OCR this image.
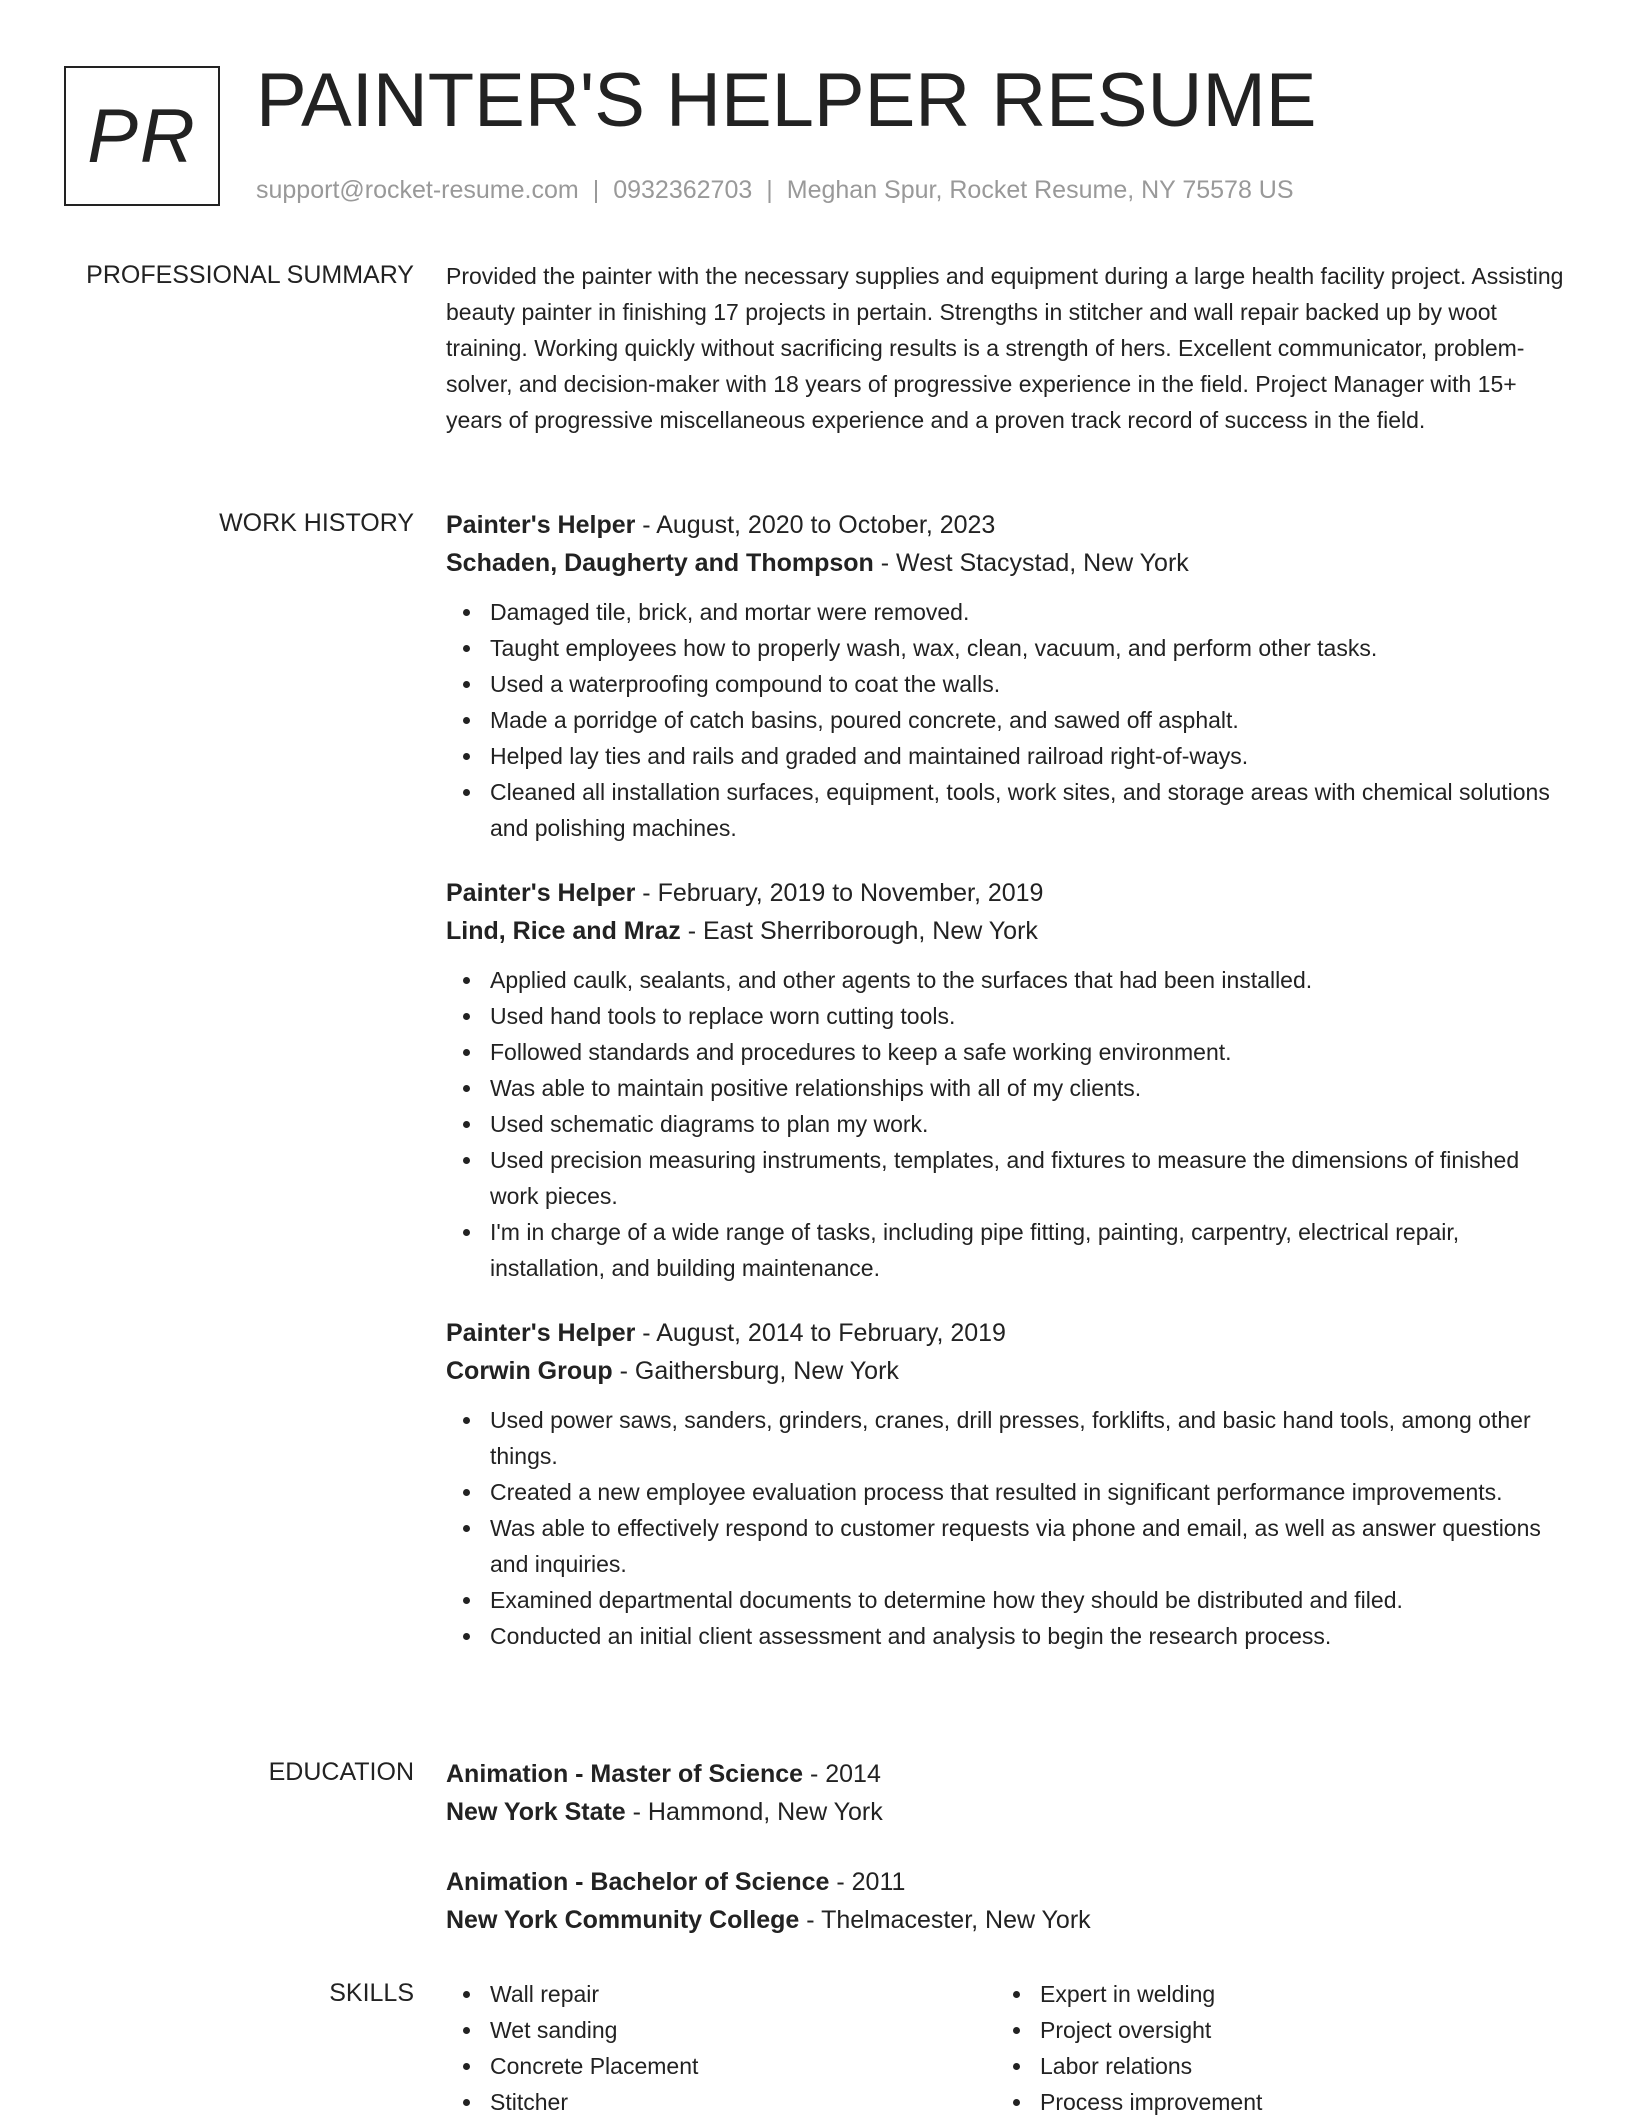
PR PAINTER'S HELPER RESUME
support@rocket-resume.com | 0932362703 | Meghan Spur, Rocket Resume, NY 75578 US
PROFESSIONAL SUMMARY Provided the painter with the necessary supplies and equipment during a large health facility project. Assisting beauty painter in finishing 17 projects in pertain. Strengths in stitcher and wall repair backed up by woot training. Working quickly without sacrificing results is a strength of hers. Excellent communicator, problem-solver, and decision-maker with 18 years of progressive experience in the field. Project Manager with 15+ years of progressive miscellaneous experience and a proven track record of success in the field.

WORK HISTORY Painter's Helper - August, 2020 to October, 2023
Schaden, Daugherty and Thompson - West Stacystad, New York
Damaged tile, brick, and mortar were removed.
Taught employees how to properly wash, wax, clean, vacuum, and perform other tasks.
Used a waterproofing compound to coat the walls.
Made a porridge of catch basins, poured concrete, and sawed off asphalt.
Helped lay ties and rails and graded and maintained railroad right-of-ways.
Cleaned all installation surfaces, equipment, tools, work sites, and storage areas with chemical solutions and polishing machines.
Painter's Helper - February, 2019 to November, 2019
Lind, Rice and Mraz - East Sherriborough, New York
Applied caulk, sealants, and other agents to the surfaces that had been installed.
Used hand tools to replace worn cutting tools.
Followed standards and procedures to keep a safe working environment.
Was able to maintain positive relationships with all of my clients.
Used schematic diagrams to plan my work.
Used precision measuring instruments, templates, and fixtures to measure the dimensions of finished work pieces.
I'm in charge of a wide range of tasks, including pipe fitting, painting, carpentry, electrical repair, installation, and building maintenance.
Painter's Helper - August, 2014 to February, 2019
Corwin Group - Gaithersburg, New York
Used power saws, sanders, grinders, cranes, drill presses, forklifts, and basic hand tools, among other things.
Created a new employee evaluation process that resulted in significant performance improvements.
Was able to effectively respond to customer requests via phone and email, as well as answer questions and inquiries.
Examined departmental documents to determine how they should be distributed and filed.
Conducted an initial client assessment and analysis to begin the research process.
EDUCATION Animation - Master of Science - 2014
New York State - Hammond, New York
Animation - Bachelor of Science - 2011
New York Community College - Thelmacester, New York
SKILLS	Wall repair
Wet sanding
Concrete Placement
Stitcher
Expert in welding
Project oversight
Labor relations
Process improvement
